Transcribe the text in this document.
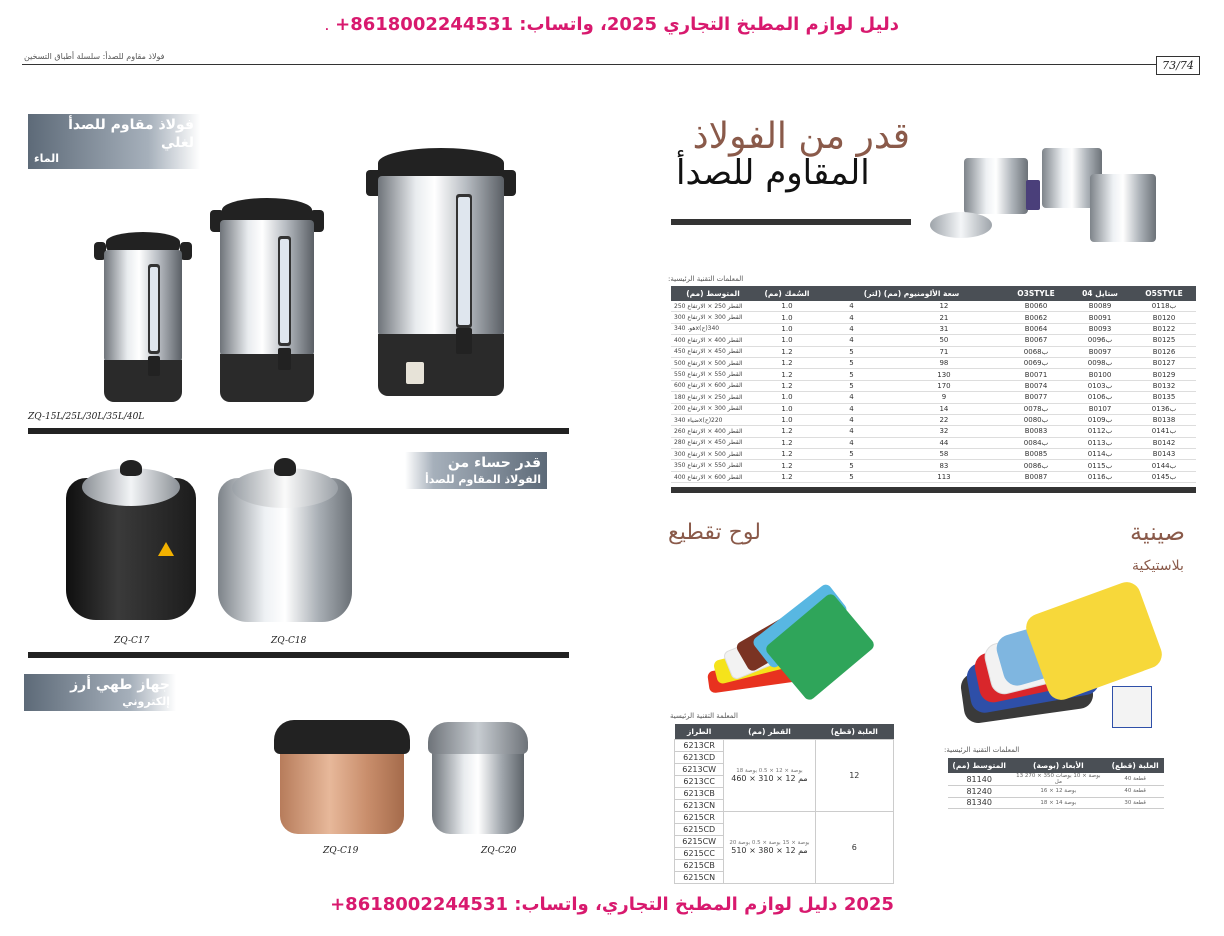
دليل لوازم المطبخ التجاري 2025، واتساب: 8618002244531+ .
فولاذ مقاوم للصدأ: سلسلة أطباق التسخين
73/74
فولاذ مقاوم للصدأ لغلي
الماء
ZQ-15L/25L/30L/35L/40L
ZQ-C17	ZQ-C18
قدر حساء من
الفولاذ المقاوم للصدأ
جهاز طهي أرز
إلكتروني
ZQ-C19	ZQ-C20
قدر من الفولاذ
المقاوم للصدأ
المعلمات التقنية الرئيسية:
المتوسط (مم)	السُمك (مم)	سعة الألومنيوم (مم) (لتر)		O3STYLE	04 ستايل	O5STYLE
القطر 250 × الارتفاع 250	1.0	4	12	B0060	B0089	ب0118
القطر 300 × الارتفاع 300	1.0	4	21	B0062	B0091	B0120
هو. 340x(ح)340	1.0	4	31	B0064	B0093	B0122
القطر 400 × الارتفاع 400	1.0	4	50	B0067	ب0096	B0125
القطر 450 × الارتفاع 450	1.2	5	71	ب0068	B0097	B0126
القطر 500 × الارتفاع 500	1.2	5	98	ب0069	ب0098	B0127
القطر 550 × الارتفاع 550	1.2	5	130	B0071	B0100	B0129
القطر 600 × الارتفاع 600	1.2	5	170	B0074	ب0103	B0132
القطر 250 × الارتفاع 180	1.0	4	9	B0077	ب0106	B0135
القطر 300 × الارتفاع 200	1.0	4	14	ب0078	B0107	ب0136
ضياء 340x(ح)220	1.0	4	22	ب0080	ب0109	B0138
القطر 400 × الارتفاع 260	1.2	4	32	B0083	ب0112	ب0141
القطر 450 × الارتفاع 280	1.2	4	44	ب0084	ب0113	B0142
القطر 500 × الارتفاع 300	1.2	5	58	B0085	ب0114	B0143
القطر 550 × الارتفاع 350	1.2	5	83	ب0086	ب0115	ب0144
القطر 600 × الارتفاع 400	1.2	5	113	B0087	ب0116	ب0145
لوح تقطيع
المعلمة التقنية الرئيسية
الطراز	القطر (مم)	العلبة (قطع)
6213CR	18 بوصة × 12 × 0.5 بوصة
460 × 310 × 12 مم	12
6213CD		
6213CW		
6213CC		
6213CB		
6213CN		
6215CR	20 بوصة × 15 بوصة × 0.5 بوصة
510 × 380 × 12 مم	6
6215CD		
6215CW		
6215CC		
6215CB		
6215CN		
صينية
بلاستيكية
المعلمات التقنية الرئيسية:
المتوسط (مم)	الأبعاد (بوصة)	العلبة (قطع)
81140	13 بوصة × 10 بوصات 350 × 270 مل	40 قطعة
81240	16 × 12 بوصة	40 قطعة
81340	18 × 14 بوصة	30 قطعة
2025 دليل لوازم المطبخ التجاري، واتساب: 8618002244531+
